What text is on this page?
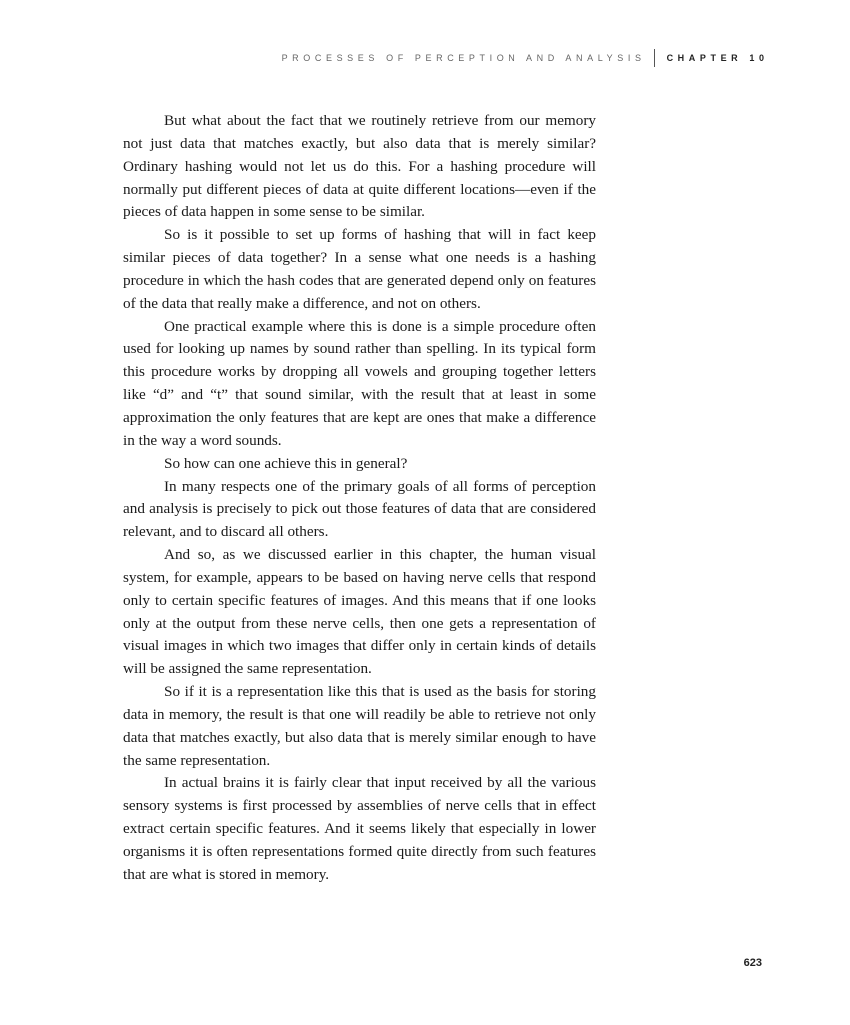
PROCESSES OF PERCEPTION AND ANALYSIS CHAPTER 10

But what about the fact that we routinely retrieve from our memory not just data that matches exactly, but also data that is merely similar? Ordinary hashing would not let us do this. For a hashing procedure will normally put different pieces of data at quite different locations—even if the pieces of data happen in some sense to be similar.

So is it possible to set up forms of hashing that will in fact keep similar pieces of data together? In a sense what one needs is a hashing procedure in which the hash codes that are generated depend only on features of the data that really make a difference, and not on others.

One practical example where this is done is a simple procedure often used for looking up names by sound rather than spelling. In its typical form this procedure works by dropping all vowels and grouping together letters like “d” and “t” that sound similar, with the result that at least in some approximation the only features that are kept are ones that make a difference in the way a word sounds.

So how can one achieve this in general?

In many respects one of the primary goals of all forms of perception and analysis is precisely to pick out those features of data that are considered relevant, and to discard all others.

And so, as we discussed earlier in this chapter, the human visual system, for example, appears to be based on having nerve cells that respond only to certain specific features of images. And this means that if one looks only at the output from these nerve cells, then one gets a representation of visual images in which two images that differ only in certain kinds of details will be assigned the same representation.

So if it is a representation like this that is used as the basis for storing data in memory, the result is that one will readily be able to retrieve not only data that matches exactly, but also data that is merely similar enough to have the same representation.

In actual brains it is fairly clear that input received by all the various sensory systems is first processed by assemblies of nerve cells that in effect extract certain specific features. And it seems likely that especially in lower organisms it is often representations formed quite directly from such features that are what is stored in memory.

623
